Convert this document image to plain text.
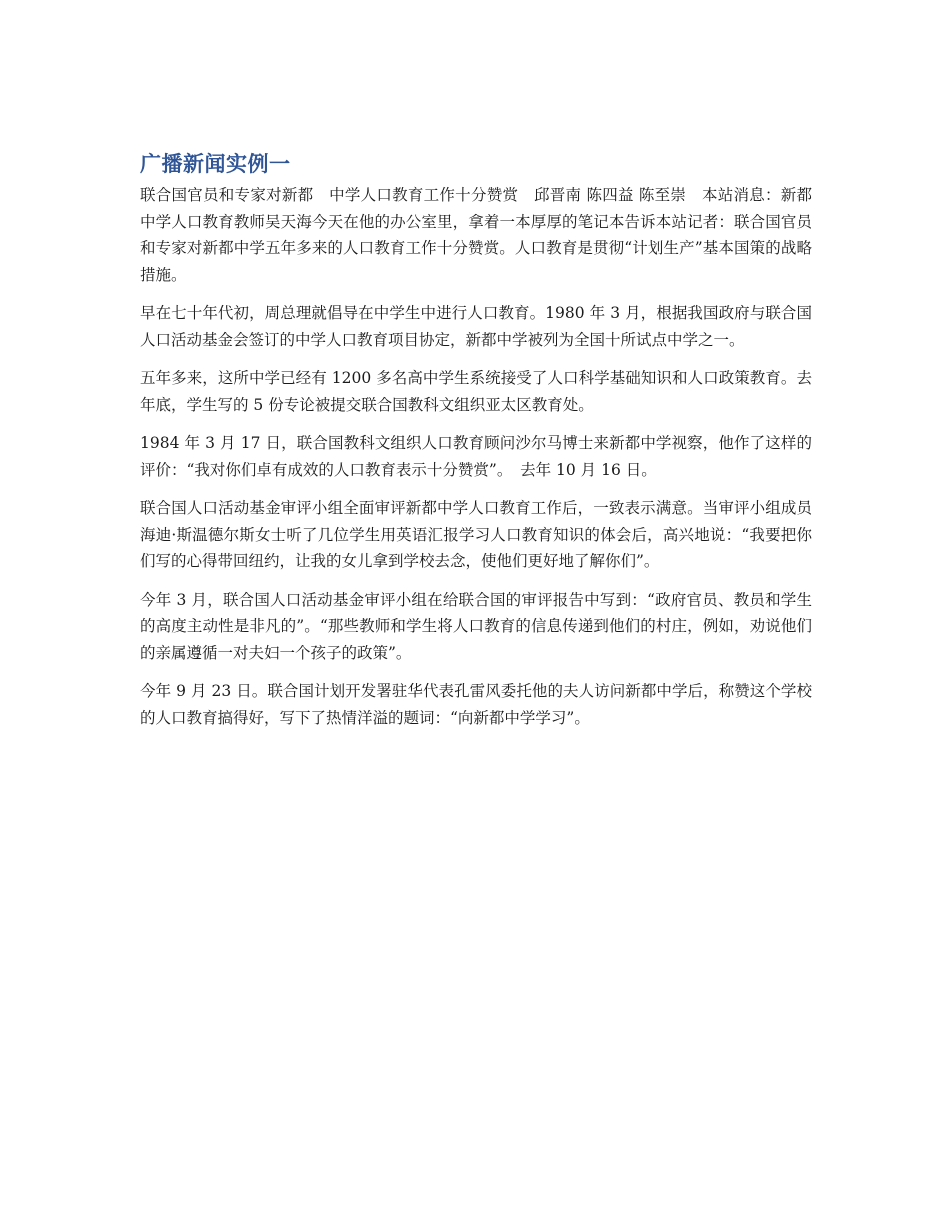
广播新闻实例一

联合国官员和专家对新都　中学人口教育工作十分赞赏　邱晋南 陈四益 陈至崇　本站消息：新都中学人口教育教师吴天海今天在他的办公室里，拿着一本厚厚的笔记本告诉本站记者：联合国官员和专家对新都中学五年多来的人口教育工作十分赞赏。人口教育是贯彻“计划生产”基本国策的战略措施。

早在七十年代初，周总理就倡导在中学生中进行人口教育。1980 年 3 月，根据我国政府与联合国人口活动基金会签订的中学人口教育项目协定，新都中学被列为全国十所试点中学之一。

五年多来，这所中学已经有 1200 多名高中学生系统接受了人口科学基础知识和人口政策教育。去年底，学生写的 5 份专论被提交联合国教科文组织亚太区教育处。

1984 年 3 月 17 日，联合国教科文组织人口教育顾问沙尔马博士来新都中学视察，他作了这样的评价：“我对你们卓有成效的人口教育表示十分赞赏”。　去年 10 月 16 日。

联合国人口活动基金审评小组全面审评新都中学人口教育工作后，一致表示满意。当审评小组成员海迪·斯温德尔斯女士听了几位学生用英语汇报学习人口教育知识的体会后，高兴地说：“我要把你们写的心得带回纽约，让我的女儿拿到学校去念，使他们更好地了解你们”。

今年 3 月，联合国人口活动基金审评小组在给联合国的审评报告中写到：“政府官员、教员和学生的高度主动性是非凡的”。“那些教师和学生将人口教育的信息传递到他们的村庄，例如，劝说他们的亲属遵循一对夫妇一个孩子的政策”。

今年 9 月 23 日。联合国计划开发署驻华代表孔雷风委托他的夫人访问新都中学后，称赞这个学校的人口教育搞得好，写下了热情洋溢的题词：“向新都中学学习”。
